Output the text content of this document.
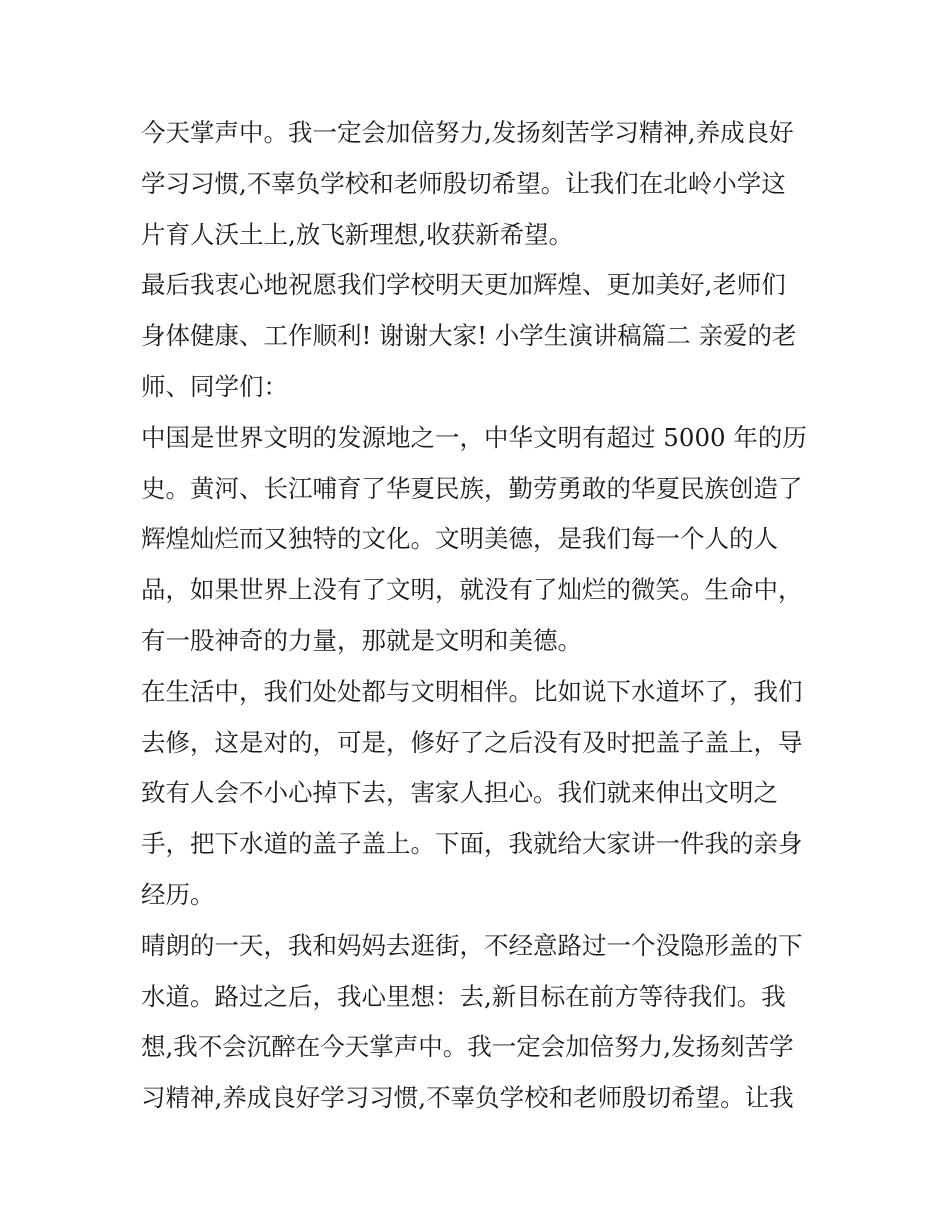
今天掌声中。我一定会加倍努力,发扬刻苦学习精神,养成良好
学习习惯,不辜负学校和老师殷切希望。让我们在北岭小学这
片育人沃土上,放飞新理想,收获新希望。
最后我衷心地祝愿我们学校明天更加辉煌、更加美好,老师们
身体健康、工作顺利! 谢谢大家! 小学生演讲稿篇二 亲爱的老
师、同学们：
中国是世界文明的发源地之一，中华文明有超过 5000 年的历
史。黄河、长江哺育了华夏民族，勤劳勇敢的华夏民族创造了
辉煌灿烂而又独特的文化。文明美德，是我们每一个人的人
品，如果世界上没有了文明，就没有了灿烂的微笑。生命中，
有一股神奇的力量，那就是文明和美德。
在生活中，我们处处都与文明相伴。比如说下水道坏了，我们
去修，这是对的，可是，修好了之后没有及时把盖子盖上，导
致有人会不小心掉下去，害家人担心。我们就来伸出文明之
手，把下水道的盖子盖上。下面，我就给大家讲一件我的亲身
经历。
晴朗的一天，我和妈妈去逛街，不经意路过一个没隐形盖的下
水道。路过之后，我心里想：去,新目标在前方等待我们。我
想,我不会沉醉在今天掌声中。我一定会加倍努力,发扬刻苦学
习精神,养成良好学习习惯,不辜负学校和老师殷切希望。让我
